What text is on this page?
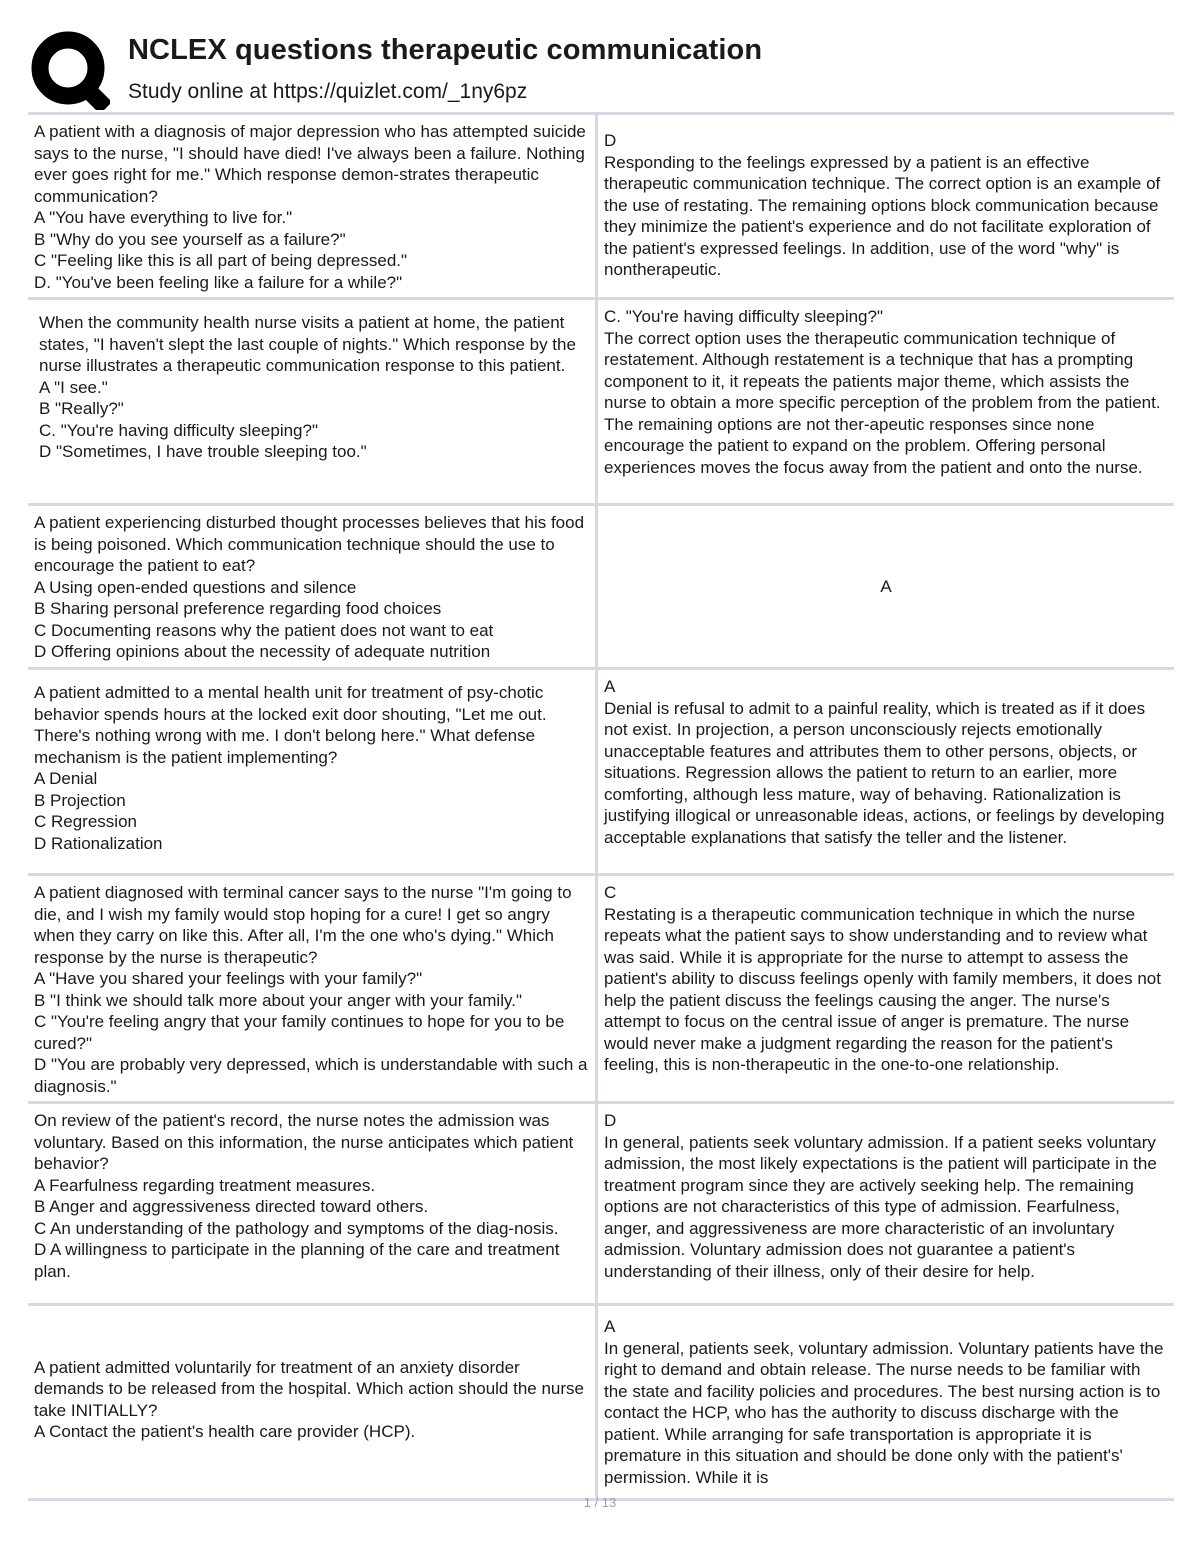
NCLEX questions therapeutic communication
Study online at https://quizlet.com/_1ny6pz
A patient with a diagnosis of major depression who has attempted suicide says to the nurse, "I should have died! I've always been a failure. Nothing ever goes right for me." Which response demon-strates therapeutic communication?
A "You have everything to live for."
B "Why do you see yourself as a failure?"
C "Feeling like this is all part of being depressed."
D. "You've been feeling like a failure for a while?"
D
Responding to the feelings expressed by a patient is an effective therapeutic communication technique. The correct option is an example of the use of restating. The remaining options block communication because they minimize the patient's experience and do not facilitate exploration of the patient's expressed feelings. In addition, use of the word "why" is nontherapeutic.
When the community health nurse visits a patient at home, the patient states, "I haven't slept the last couple of nights." Which response by the nurse illustrates a therapeutic communication response to this patient.
A "I see."
B "Really?"
C. "You're having difficulty sleeping?"
D "Sometimes, I have trouble sleeping too."
C. "You're having difficulty sleeping?"
The correct option uses the therapeutic communication technique of restatement. Although restatement is a technique that has a prompting component to it, it repeats the patients major theme, which assists the nurse to obtain a more specific perception of the problem from the patient. The remaining options are not ther-apeutic responses since none encourage the patient to expand on the problem. Offering personal experiences moves the focus away from the patient and onto the nurse.
A patient experiencing disturbed thought processes believes that his food is being poisoned. Which communication technique should the use to encourage the patient to eat?
A Using open-ended questions and silence
B Sharing personal preference regarding food choices
C Documenting reasons why the patient does not want to eat
D Offering opinions about the necessity of adequate nutrition
A
A patient admitted to a mental health unit for treatment of psy-chotic behavior spends hours at the locked exit door shouting, "Let me out. There's nothing wrong with me. I don't belong here." What defense mechanism is the patient implementing?
A Denial
B Projection
C Regression
D Rationalization
A
Denial is refusal to admit to a painful reality, which is treated as if it does not exist. In projection, a person unconsciously rejects emotionally unacceptable features and attributes them to other persons, objects, or situations. Regression allows the patient to return to an earlier, more comforting, although less mature, way of behaving. Rationalization is justifying illogical or unreasonable ideas, actions, or feelings by developing acceptable explanations that satisfy the teller and the listener.
A patient diagnosed with terminal cancer says to the nurse "I'm going to die, and I wish my family would stop hoping for a cure! I get so angry when they carry on like this. After all, I'm the one who's dying." Which response by the nurse is therapeutic?
A "Have you shared your feelings with your family?"
B "I think we should talk more about your anger with your family."
C "You're feeling angry that your family continues to hope for you to be cured?"
D "You are probably very depressed, which is understandable with such a diagnosis."
C
Restating is a therapeutic communication technique in which the nurse repeats what the patient says to show understanding and to review what was said. While it is appropriate for the nurse to attempt to assess the patient's ability to discuss feelings openly with family members, it does not help the patient discuss the feelings causing the anger. The nurse's attempt to focus on the central issue of anger is premature. The nurse would never make a judgment regarding the reason for the patient's feeling, this is non-therapeutic in the one-to-one relationship.
On review of the patient's record, the nurse notes the admission was voluntary. Based on this information, the nurse anticipates which patient behavior?
A Fearfulness regarding treatment measures.
B Anger and aggressiveness directed toward others.
C An understanding of the pathology and symptoms of the diag-nosis.
D A willingness to participate in the planning of the care and treatment plan.
D
In general, patients seek voluntary admission. If a patient seeks voluntary admission, the most likely expectations is the patient will participate in the treatment program since they are actively seeking help. The remaining options are not characteristics of this type of admission. Fearfulness, anger, and aggressiveness are more characteristic of an involuntary admission. Voluntary admission does not guarantee a patient's understanding of their illness, only of their desire for help.
A patient admitted voluntarily for treatment of an anxiety disorder demands to be released from the hospital. Which action should the nurse take INITIALLY?
A Contact the patient's health care provider (HCP).
A
In general, patients seek, voluntary admission. Voluntary patients have the right to demand and obtain release. The nurse needs to be familiar with the state and facility policies and procedures. The best nursing action is to contact the HCP, who has the authority to discuss discharge with the patient. While arranging for safe transportation is appropriate it is premature in this situation and should be done only with the patient's' permission. While it is
1 / 13
